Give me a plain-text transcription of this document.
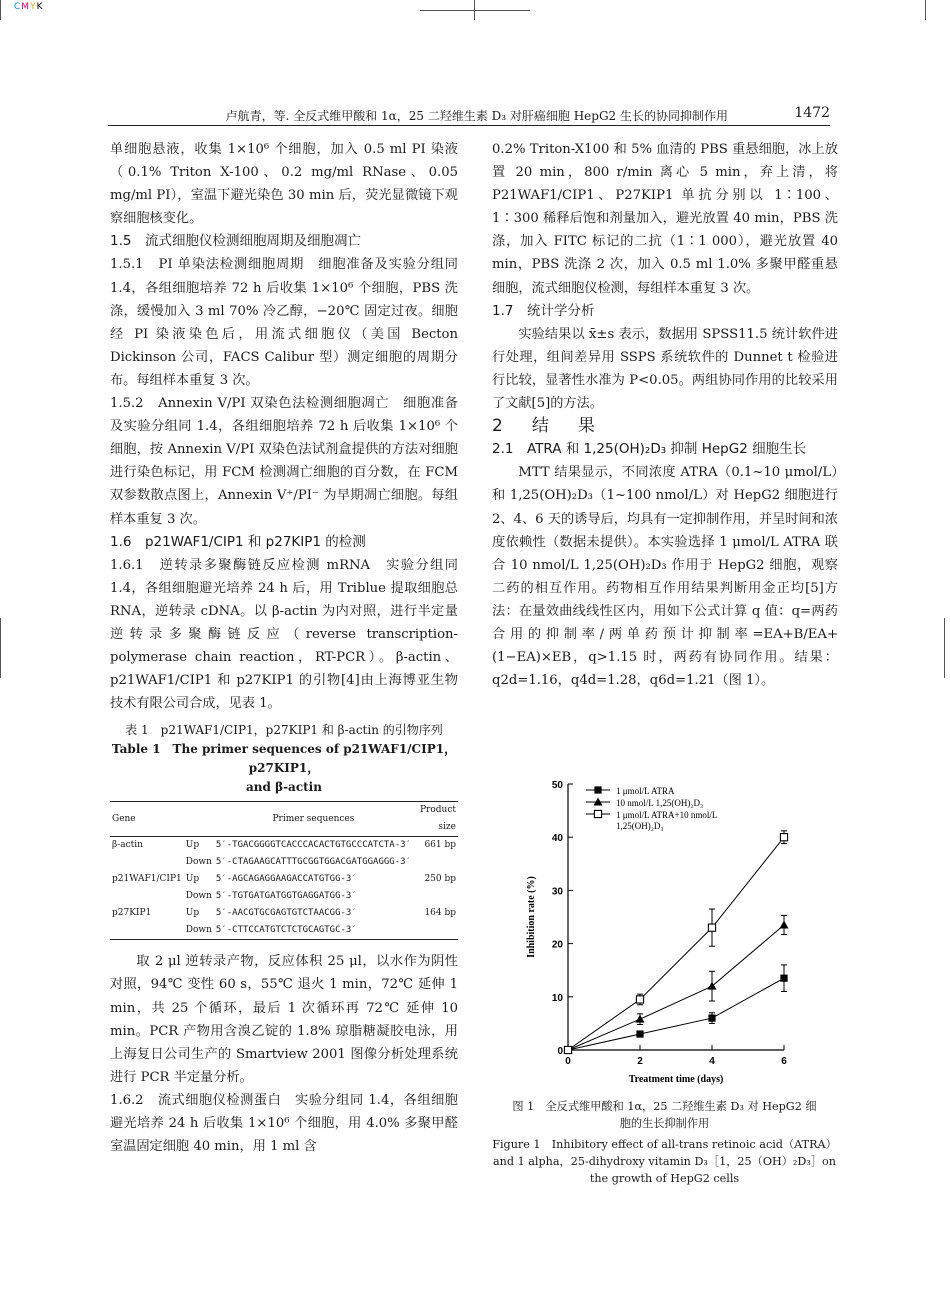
CMYK
卢航青，等. 全反式维甲酸和 1α，25 二羟维生素 D₃ 对肝癌细胞 HepG2 生长的协同抑制作用	1472

单细胞悬液，收集 1×10⁶ 个细胞，加入 0.5 ml PI 染液（0.1% Triton X-100、0.2 mg/ml RNase、0.05 mg/ml PI），室温下避光染色 30 min 后，荧光显微镜下观察细胞核变化。

1.5　流式细胞仪检测细胞周期及细胞凋亡

1.5.1　PI 单染法检测细胞周期　细胞准备及实验分组同 1.4，各组细胞培养 72 h 后收集 1×10⁶ 个细胞，PBS 洗涤，缓慢加入 3 ml 70% 冷乙醇，−20℃ 固定过夜。细胞经 PI 染液染色后，用流式细胞仪（美国 Becton Dickinson 公司，FACS Calibur 型）测定细胞的周期分布。每组样本重复 3 次。

1.5.2　Annexin V/PI 双染色法检测细胞凋亡　细胞准备及实验分组同 1.4，各组细胞培养 72 h 后收集 1×10⁶ 个细胞，按 Annexin V/PI 双染色法试剂盒提供的方法对细胞进行染色标记，用 FCM 检测凋亡细胞的百分数，在 FCM 双参数散点图上，Annexin V⁺/PI⁻ 为早期凋亡细胞。每组样本重复 3 次。

1.6　p21WAF1/CIP1 和 p27KIP1 的检测

1.6.1　逆转录多聚酶链反应检测 mRNA　实验分组同 1.4，各组细胞避光培养 24 h 后，用 Triblue 提取细胞总 RNA，逆转录 cDNA。以 β-actin 为内对照，进行半定量逆转录多聚酶链反应（reverse transcription-polymerase chain reaction，RT-PCR）。β-actin、p21WAF1/CIP1 和 p27KIP1 的引物[4]由上海博亚生物技术有限公司合成，见表 1。

表 1　p21WAF1/CIP1，p27KIP1 和 β-actin 的引物序列
Table 1　The primer sequences of p21WAF1/CIP1，p27KIP1，
and β-actin
Gene		Primer sequences	Product size
β-actin	Up	5′-TGACGGGGTCACCCACACTGTGCCCATCTA-3′	661 bp
	Down	5′-CTAGAAGCATTTGCGGTGGACGATGGAGGG-3′	
p21WAF1/CIP1	Up	5′-AGCAGAGGAAGACCATGTGG-3′	250 bp
	Down	5′-TGTGATGATGGTGAGGATGG-3′	
p27KIP1	Up	5′-AACGTGCGAGTGTCTAACGG-3′	164 bp
	Down	5′-CTTCCATGTCTCTGCAGTGC-3′	

取 2 μl 逆转录产物，反应体积 25 μl，以水作为阴性对照，94℃ 变性 60 s，55℃ 退火 1 min，72℃ 延伸 1 min，共 25 个循环，最后 1 次循环再 72℃ 延伸 10 min。PCR 产物用含溴乙锭的 1.8% 琼脂糖凝胶电泳，用上海复日公司生产的 Smartview 2001 图像分析处理系统进行 PCR 半定量分析。

1.6.2　流式细胞仪检测蛋白　实验分组同 1.4，各组细胞避光培养 24 h 后收集 1×10⁶ 个细胞，用 4.0% 多聚甲醛室温固定细胞 40 min，用 1 ml 含

0.2% Triton-X100 和 5% 血清的 PBS 重悬细胞，冰上放置 20 min，800 r/min 离心 5 min，弃上清，将 P21WAF1/CIP1、P27KIP1 单抗分别以 1∶100、1∶300 稀释后饱和剂量加入，避光放置 40 min，PBS 洗涤，加入 FITC 标记的二抗（1∶1 000），避光放置 40 min，PBS 洗涤 2 次，加入 0.5 ml 1.0% 多聚甲醛重悬细胞，流式细胞仪检测，每组样本重复 3 次。

1.7　统计学分析

实验结果以 x̄±s 表示，数据用 SPSS11.5 统计软件进行处理，组间差异用 SSPS 系统软件的 Dunnet t 检验进行比较，显著性水准为 P<0.05。两组协同作用的比较采用了文献[5]的方法。

2　结　果

2.1　ATRA 和 1,25(OH)₂D₃ 抑制 HepG2 细胞生长

MTT 结果显示，不同浓度 ATRA（0.1~10 μmol/L）和 1,25(OH)₂D₃（1~100 nmol/L）对 HepG2 细胞进行 2、4、6 天的诱导后，均具有一定抑制作用，并呈时间和浓度依赖性（数据未提供）。本实验选择 1 μmol/L ATRA 联合 10 nmol/L 1,25(OH)₂D₃ 作用于 HepG2 细胞，观察二药的相互作用。药物相互作用结果判断用金正均[5]方法：在量效曲线线性区内，用如下公式计算 q 值：q=两药合用的抑制率/两单药预计抑制率=EA+B/EA+(1−EA)×EB，q>1.15 时，两药有协同作用。结果：q2d=1.16，q4d=1.28，q6d=1.21（图 1）。

0	2	4	6
0
10
20
30
40
50
Treatment time (days)
Inhibition rate (%)
1 μmol/L ATRA
10 nmol/L 1,25(OH)₂D₃
1 μmol/L ATRA+10 nmol/L
1,25(OH)₂D₃
图 1　全反式维甲酸和 1α，25 二羟维生素 D₃ 对 HepG2 细
胞的生长抑制作用
Figure 1　Inhibitory effect of all-trans retinoic acid（ATRA）
and 1 alpha，25-dihydroxy vitamin D₃［1，25（OH）₂D₃］on
the growth of HepG2 cells
